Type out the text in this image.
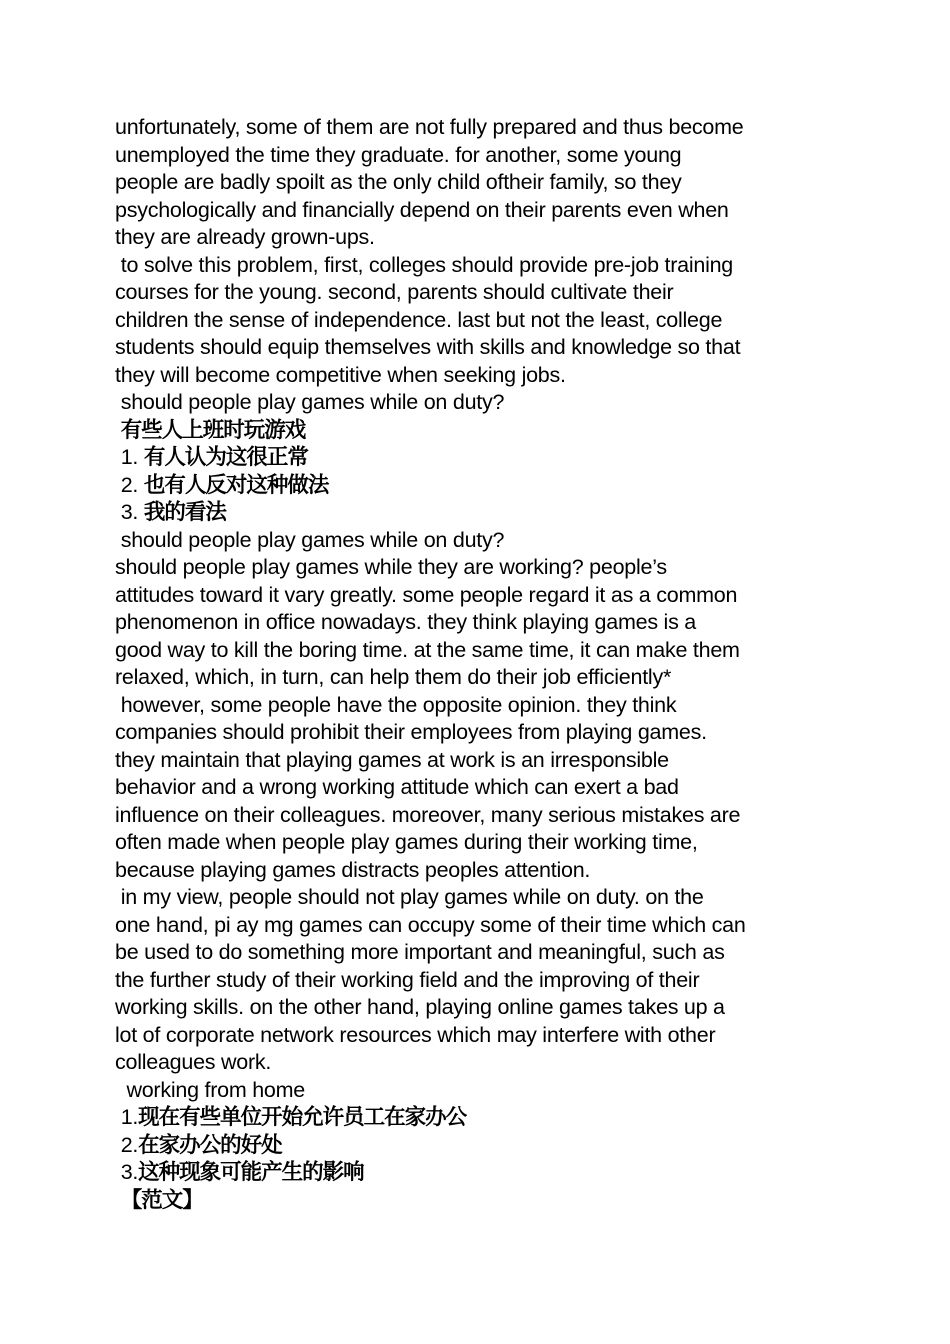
unfortunately, some of them are not fully prepared and thus become
unemployed the time they graduate. for another, some young
people are badly spoilt as the only child oftheir family, so they
psychologically and financially depend on their parents even when
they are already grown-ups.
to solve this problem, first, colleges should provide pre-job training
courses for the young. second, parents should cultivate their
children the sense of independence. last but not the least, college
students should equip themselves with skills and knowledge so that
they will become competitive when seeking jobs.
should people play games while on duty?
有些人上班时玩游戏
1. 有人认为这很正常
2. 也有人反对这种做法
3. 我的看法
should people play games while on duty?
should people play games while they are working? people’s
attitudes toward it vary greatly. some people regard it as a common
phenomenon in office nowadays. they think playing games is a
good way to kill the boring time. at the same time, it can make them
relaxed, which, in turn, can help them do their job efficiently*
however, some people have the opposite opinion. they think
companies should prohibit their employees from playing games.
they maintain that playing games at work is an irresponsible
behavior and a wrong working attitude which can exert a bad
influence on their colleagues. moreover, many serious mistakes are
often made when people play games during their working time,
because playing games distracts peoples attention.
in my view, people should not play games while on duty. on the
one hand, pi ay mg games can occupy some of their time which can
be used to do something more important and meaningful, such as
the further study of their working field and the improving of their
working skills. on the other hand, playing online games takes up a
lot of corporate network resources which may interfere with other
colleagues work.
working from home
1.现在有些单位开始允许员工在家办公
2.在家办公的好处
3.这种现象可能产生的影响
【范文】
